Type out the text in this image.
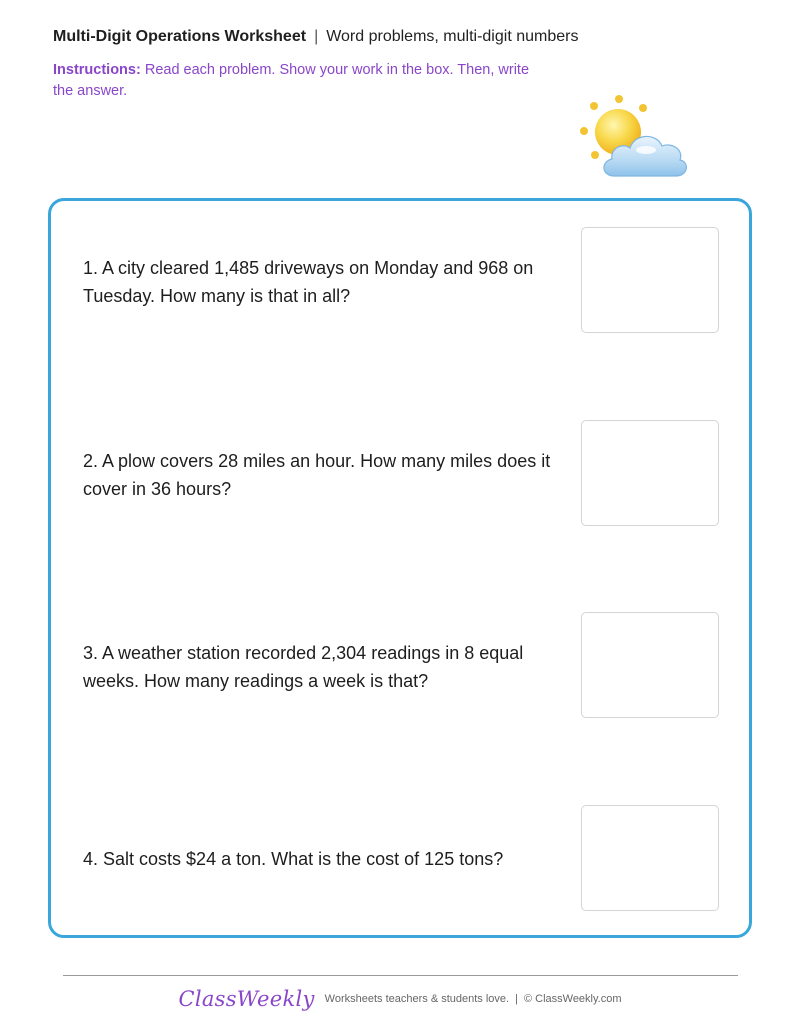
Multi-Digit Operations Worksheet | Word problems, multi-digit numbers
Instructions: Read each problem. Show your work in the box. Then, write the answer.
1. A city cleared 1,485 driveways on Monday and 968 on Tuesday. How many is that in all?
2. A plow covers 28 miles an hour. How many miles does it cover in 36 hours?
3. A weather station recorded 2,304 readings in 8 equal weeks. How many readings a week is that?
4. Salt costs $24 a ton. What is the cost of 125 tons?
ClassWeekly Worksheets teachers & students love. | © ClassWeekly.com
